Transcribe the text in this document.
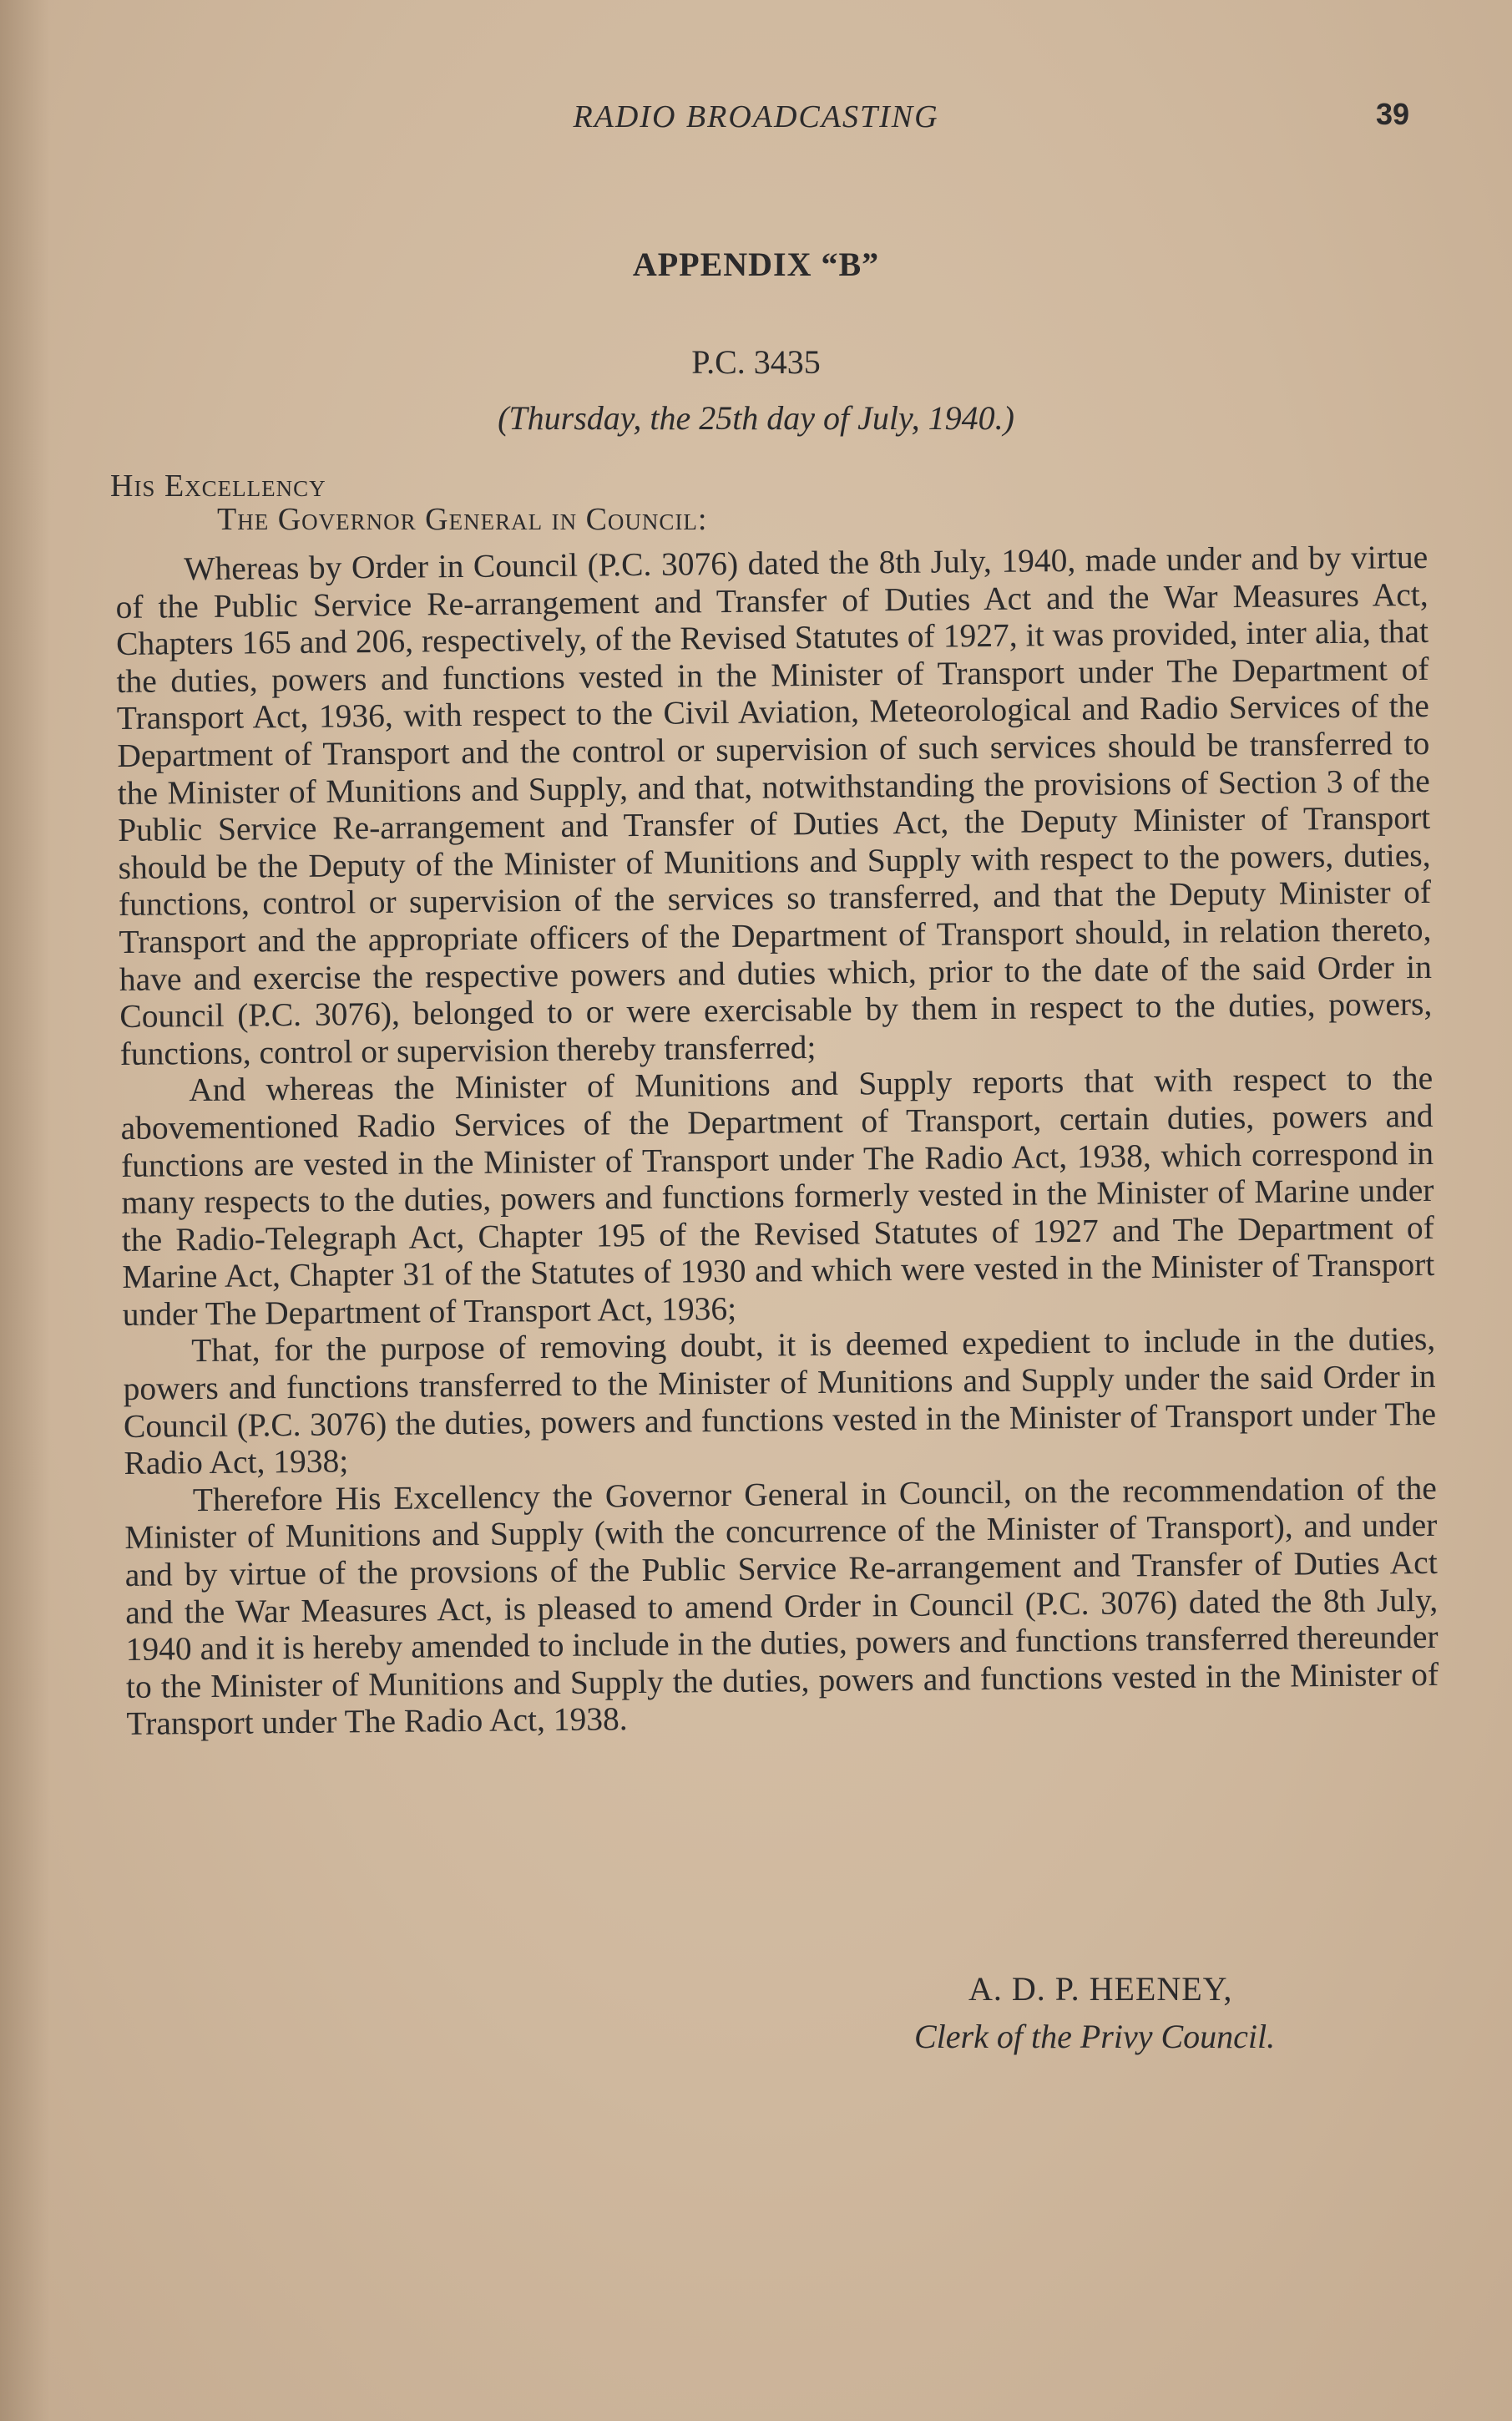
RADIO BROADCASTING	39
APPENDIX “B”
P.C. 3435
(Thursday, the 25th day of July, 1940.)
His Excellency
The Governor General in Council:

Whereas by Order in Council (P.C. 3076) dated the 8th July, 1940, made under and by virtue of the Public Service Re-arrangement and Transfer of Duties Act and the War Measures Act, Chapters 165 and 206, respectively, of the Revised Statutes of 1927, it was provided, inter alia, that the duties, powers and functions vested in the Minister of Transport under The Department of Transport Act, 1936, with respect to the Civil Aviation, Meteorological and Radio Services of the Department of Transport and the control or supervision of such services should be transferred to the Minister of Munitions and Supply, and that, notwithstanding the provisions of Section 3 of the Public Service Re-arrangement and Transfer of Duties Act, the Deputy Minister of Transport should be the Deputy of the Minister of Munitions and Supply with respect to the powers, duties, functions, control or supervision of the services so transferred, and that the Deputy Minister of Transport and the appropriate officers of the Department of Transport should, in relation thereto, have and exercise the respective powers and duties which, prior to the date of the said Order in Council (P.C. 3076), belonged to or were exercisable by them in respect to the duties, powers, functions, control or supervision thereby transferred;

And whereas the Minister of Munitions and Supply reports that with respect to the abovementioned Radio Services of the Department of Transport, certain duties, powers and functions are vested in the Minister of Transport under The Radio Act, 1938, which correspond in many respects to the duties, powers and functions formerly vested in the Minister of Marine under the Radio-Telegraph Act, Chapter 195 of the Revised Statutes of 1927 and The Department of Marine Act, Chapter 31 of the Statutes of 1930 and which were vested in the Minister of Transport under The Department of Transport Act, 1936;

That, for the purpose of removing doubt, it is deemed expedient to include in the duties, powers and functions transferred to the Minister of Munitions and Supply under the said Order in Council (P.C. 3076) the duties, powers and functions vested in the Minister of Transport under The Radio Act, 1938;

Therefore His Excellency the Governor General in Council, on the recommendation of the Minister of Munitions and Supply (with the concurrence of the Minister of Transport), and under and by virtue of the provsions of the Public Service Re-arrangement and Transfer of Duties Act and the War Measures Act, is pleased to amend Order in Council (P.C. 3076) dated the 8th July, 1940 and it is hereby amended to include in the duties, powers and functions transferred thereunder to the Minister of Munitions and Supply the duties, powers and functions vested in the Minister of Transport under The Radio Act, 1938.

A. D. P. HEENEY,
Clerk of the Privy Council.
